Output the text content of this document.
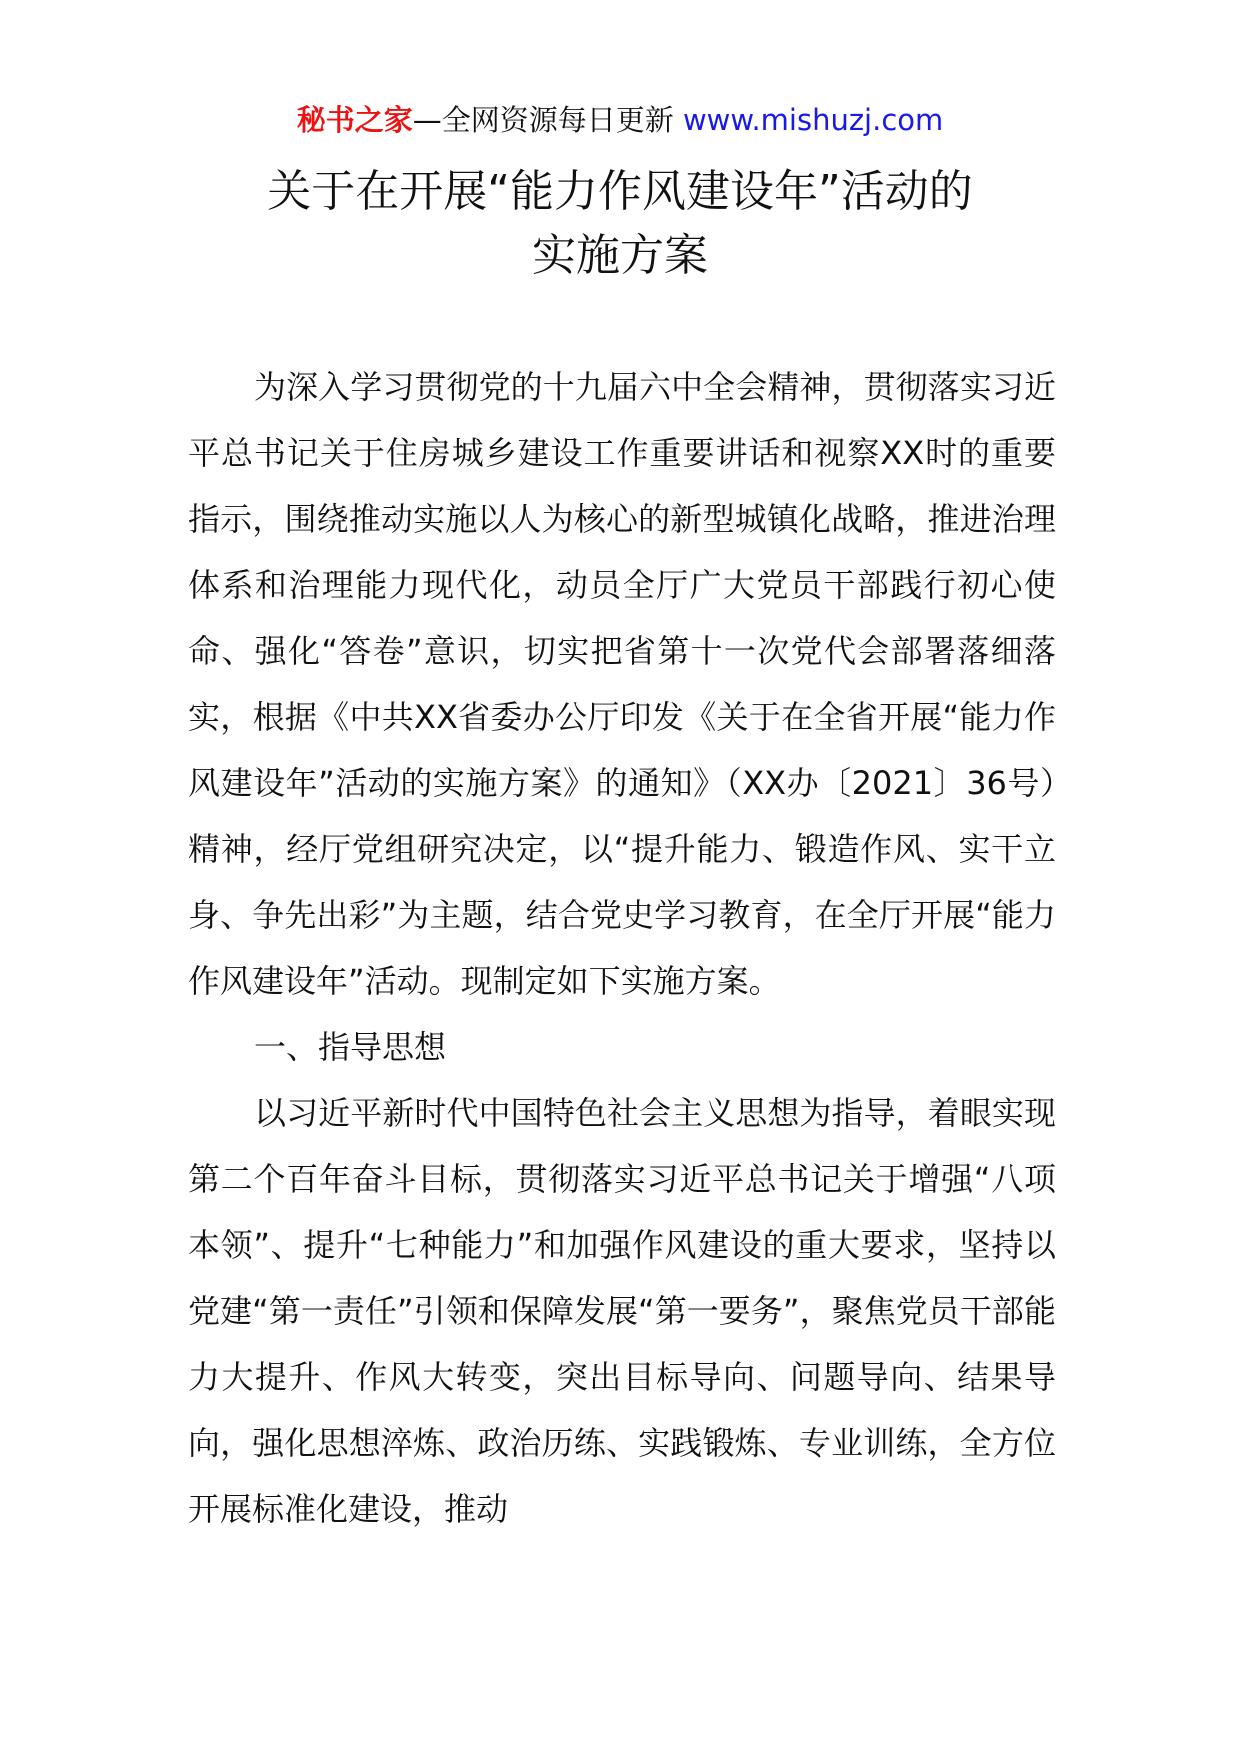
秘书之家—全网资源每日更新 www.mishuzj.com
关于在开展“能力作风建设年”活动的
实施方案

为深入学习贯彻党的十九届六中全会精神，贯彻落实习近平总书记关于住房城乡建设工作重要讲话和视察XX时的重要指示，围绕推动实施以人为核心的新型城镇化战略，推进治理体系和治理能力现代化，动员全厅广大党员干部践行初心使命、强化“答卷”意识，切实把省第十一次党代会部署落细落实，根据《中共XX省委办公厅印发《关于在全省开展“能力作风建设年”活动的实施方案》的通知》（XX办〔2021〕36号）精神，经厅党组研究决定，以“提升能力、锻造作风、实干立身、争先出彩”为主题，结合党史学习教育，在全厅开展“能力作风建设年”活动。现制定如下实施方案。

一、指导思想

以习近平新时代中国特色社会主义思想为指导，着眼实现第二个百年奋斗目标，贯彻落实习近平总书记关于增强“八项本领”、提升“七种能力”和加强作风建设的重大要求，坚持以党建“第一责任”引领和保障发展“第一要务”，聚焦党员干部能力大提升、作风大转变，突出目标导向、问题导向、结果导向，强化思想淬炼、政治历练、实践锻炼、专业训练，全方位开展标准化建设，推动
